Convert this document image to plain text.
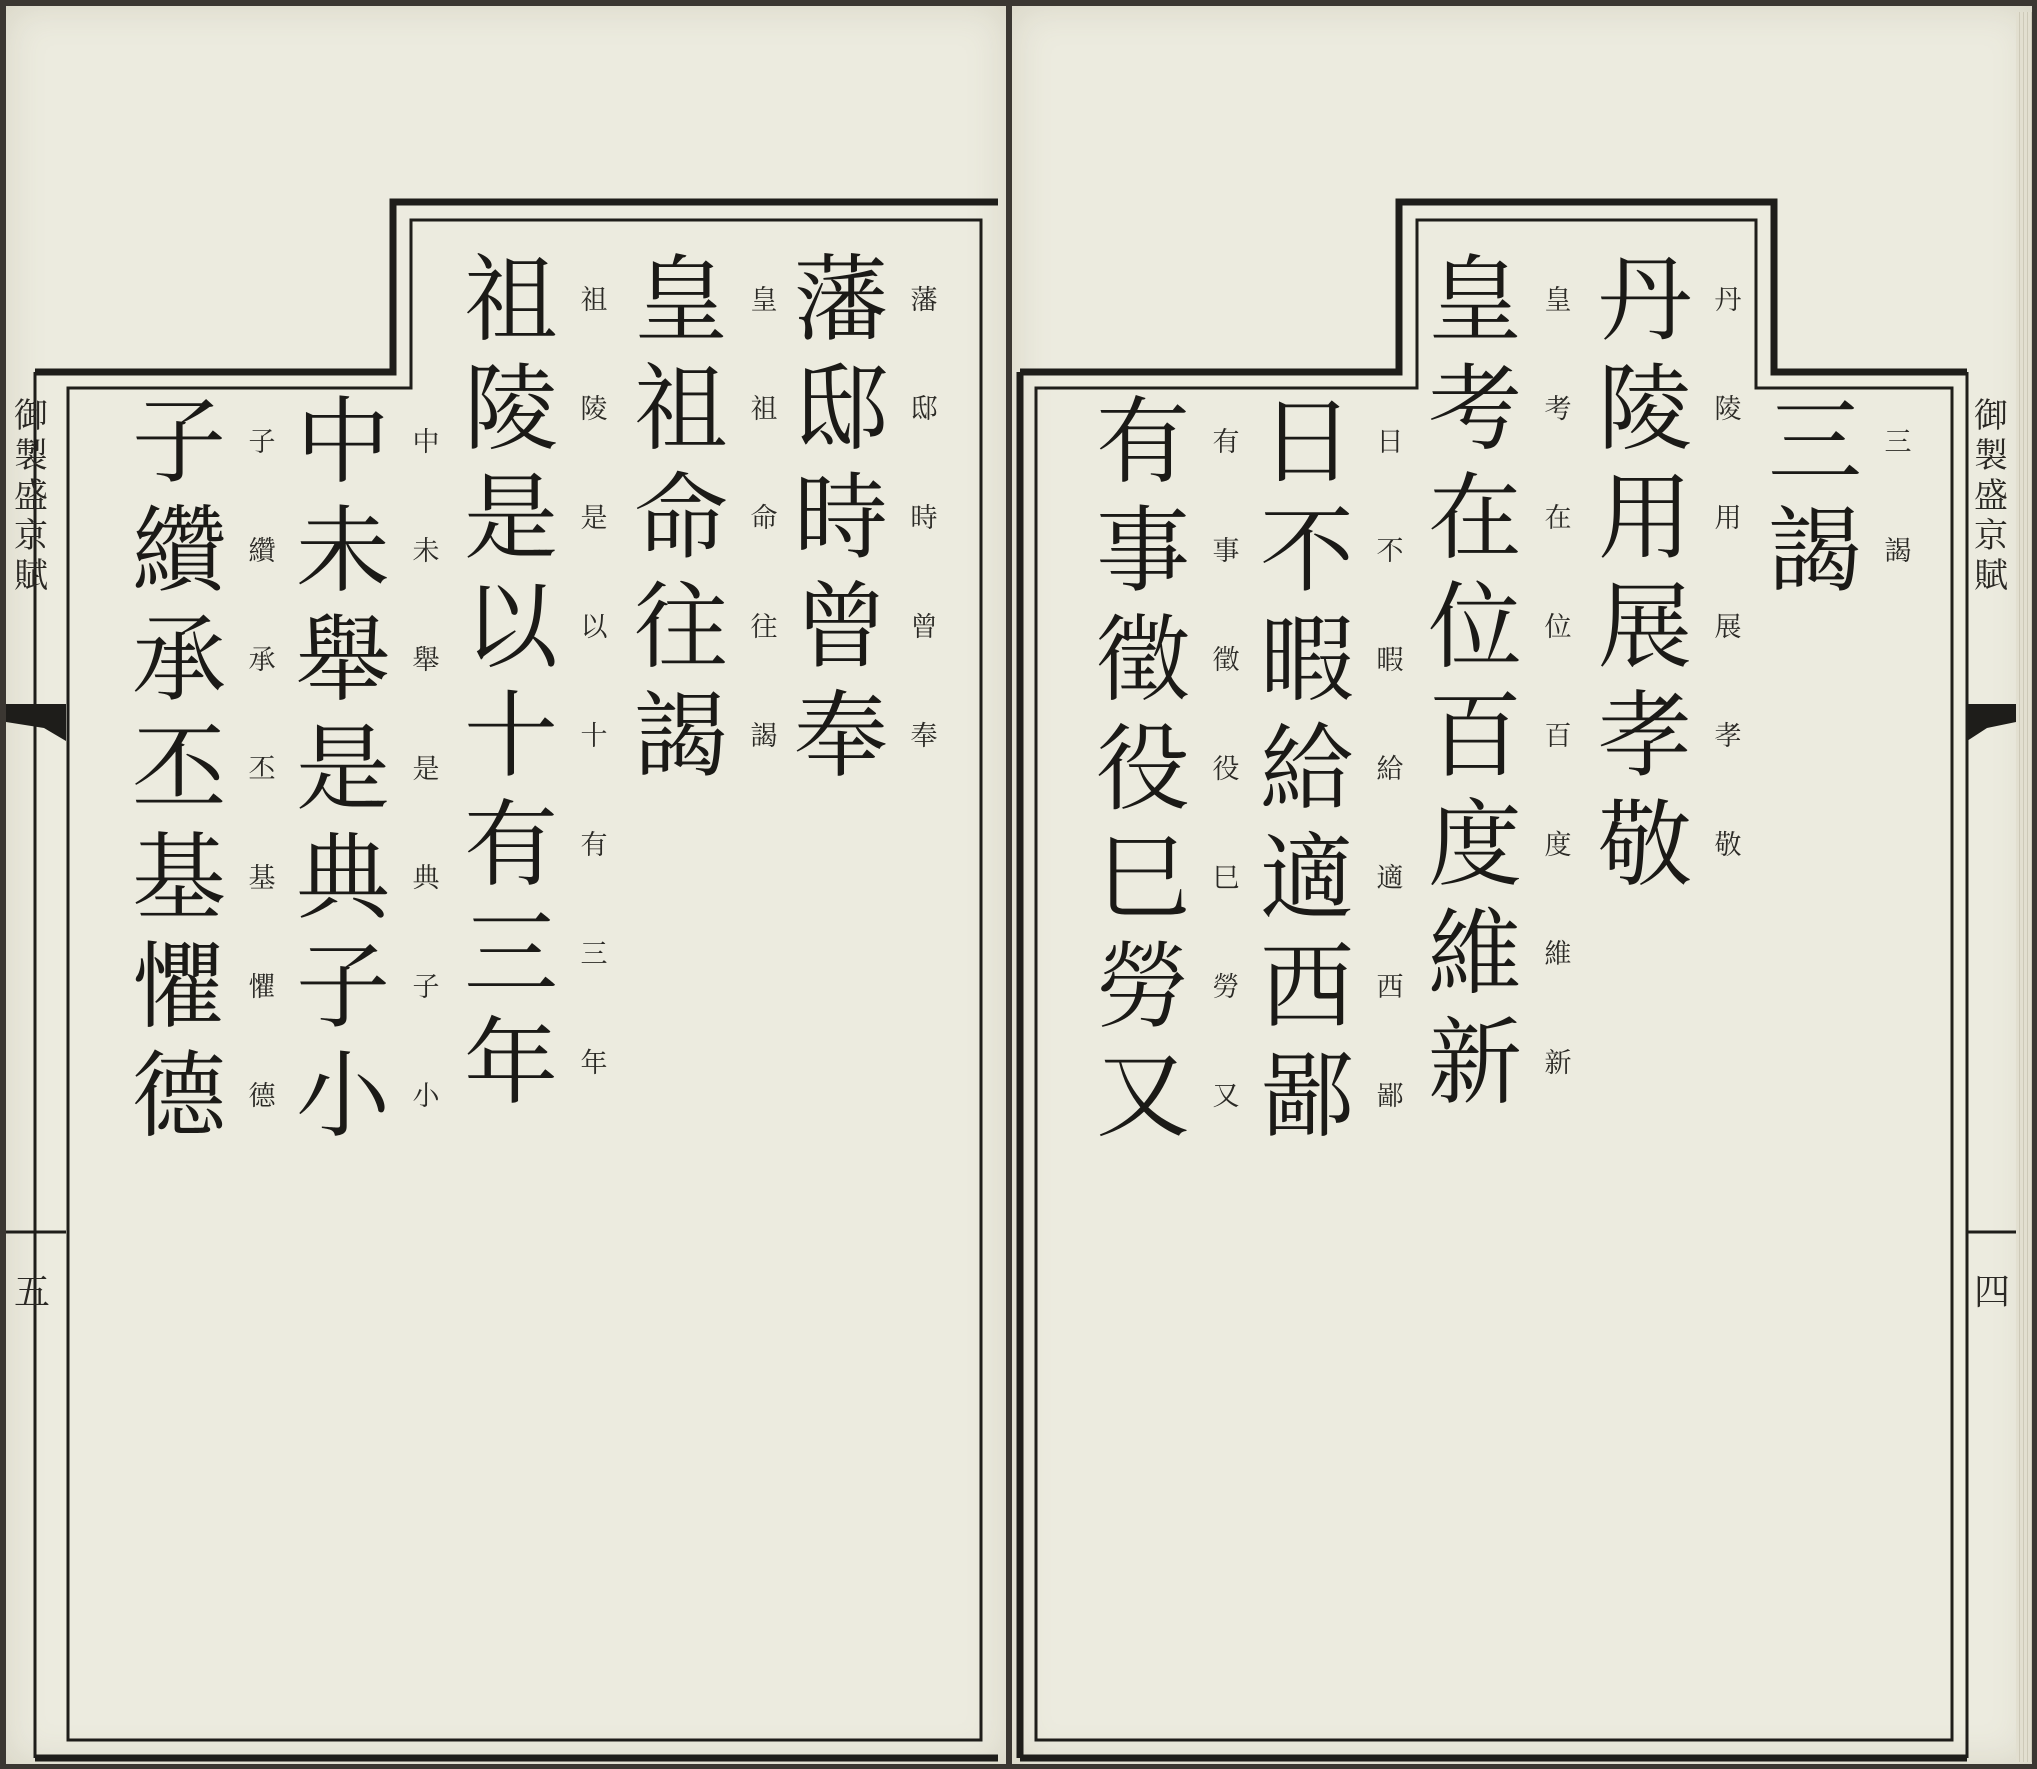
御
製
盛
京
賦
五
藩
邸
時
曾
奉
藩
邸
時
曾
奉
皇
祖
命
往
謁
皇
祖
命
往
謁
祖
陵
是
以
十
有
三
年
祖
陵
是
以
十
有
三
年
中
未
舉
是
典
子
小
中
未
舉
是
典
子
小
子
纘
承
丕
基
懼
德
子
纘
承
丕
基
懼
德
御
製
盛
京
賦
四
三
謁
三
謁
丹
陵
用
展
孝
敬
丹
陵
用
展
孝
敬
皇
考
在
位
百
度
維
新
皇
考
在
位
百
度
維
新
日
不
暇
給
適
西
鄙
日
不
暇
給
適
西
鄙
有
事
徵
役
巳
勞
又
有
事
徵
役
巳
勞
又
